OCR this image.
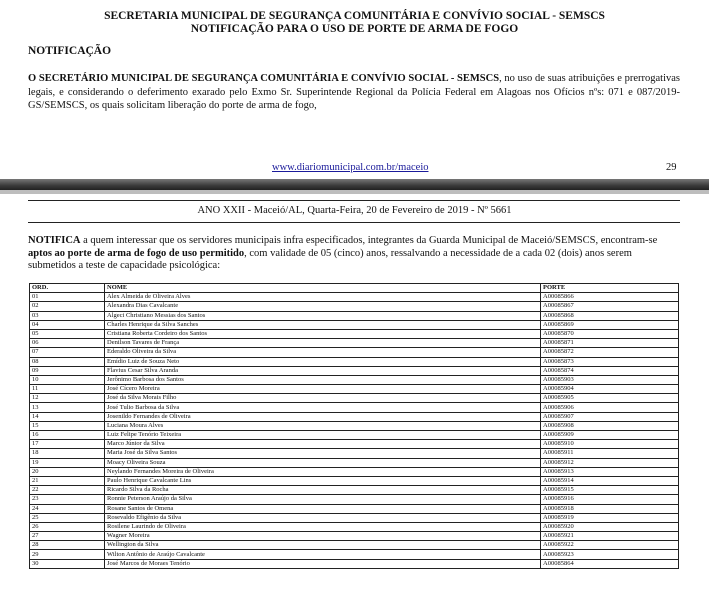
SECRETARIA MUNICIPAL DE SEGURANÇA COMUNITÁRIA E CONVÍVIO SOCIAL - SEMSCS
NOTIFICAÇÃO PARA O USO DE PORTE DE ARMA DE FOGO
NOTIFICAÇÃO
O SECRETÁRIO MUNICIPAL DE SEGURANÇA COMUNITÁRIA E CONVÍVIO SOCIAL - SEMSCS, no uso de suas atribuições e prerrogativas legais, e considerando o deferimento exarado pelo Exmo Sr. Superintende Regional da Polícia Federal em Alagoas nos Ofícios nºs: 071 e 087/2019-GS/SEMSCS, os quais solicitam liberação do porte de arma de fogo,
www.diariomunicipal.com.br/maceio	29
ANO XXII - Maceió/AL, Quarta-Feira, 20 de Fevereiro de 2019 - Nº 5661
NOTIFICA a quem interessar que os servidores municipais infra especificados, integrantes da Guarda Municipal de Maceió/SEMSCS, encontram-se aptos ao porte de arma de fogo de uso permitido, com validade de 05 (cinco) anos, ressalvando a necessidade de a cada 02 (dois) anos serem submetidos a teste de capacidade psicológica:
ORD.	NOME	PORTE
01	Alex Almeida de Oliveira Alves	A00085866
02	Alexandra Dias Cavalcante	A00085867
03	Algeci Christiano Messias dos Santos	A00085868
04	Charles Henrique da Silva Sanches	A00085869
05	Cristiana Roberta Cordeiro dos Santos	A00085870
06	Denilson Tavares de França	A00085871
07	Ederaldo Oliveira da Silva	A00085872
08	Emídio Luiz de Souza Neto	A00085873
09	Flavius Cesar Silva Aranda	A00085874
10	Jerônimo Barbosa dos Santos	A00085903
11	José Cícero Moreira	A00085904
12	José da Silva Morais Filho	A00085905
13	José Tulio Barbosa da Silva	A00085906
14	Josenildo Fernandes de Oliveira	A00085907
15	Luciana Moura Alves	A00085908
16	Luiz Felipe Tenório Teixeira	A00085909
17	Marco Júnior da Silva	A00085910
18	Maria José da Silva Santos	A00085911
19	Moacy Oliveira Souza	A00085912
20	Neylando Fernandes Moreira de Oliveira	A00085913
21	Paulo Henrique Cavalcante Lins	A00085914
22	Ricardo Silva da Rocha	A00085915
23	Ronnie Peterson Araújo da Silva	A00085916
24	Rosane Santos de Omena	A00085918
25	Rosevaldo Efigênio da Silva	A00085919
26	Rosilene Laurindo de Oliveira	A00085920
27	Wagner Moreira	A00085921
28	Wellington da Silva	A00085922
29	Wilton Antônio de Araújo Cavalcante	A00085923
30	José Marcos de Moraes Tenório	A00085864
